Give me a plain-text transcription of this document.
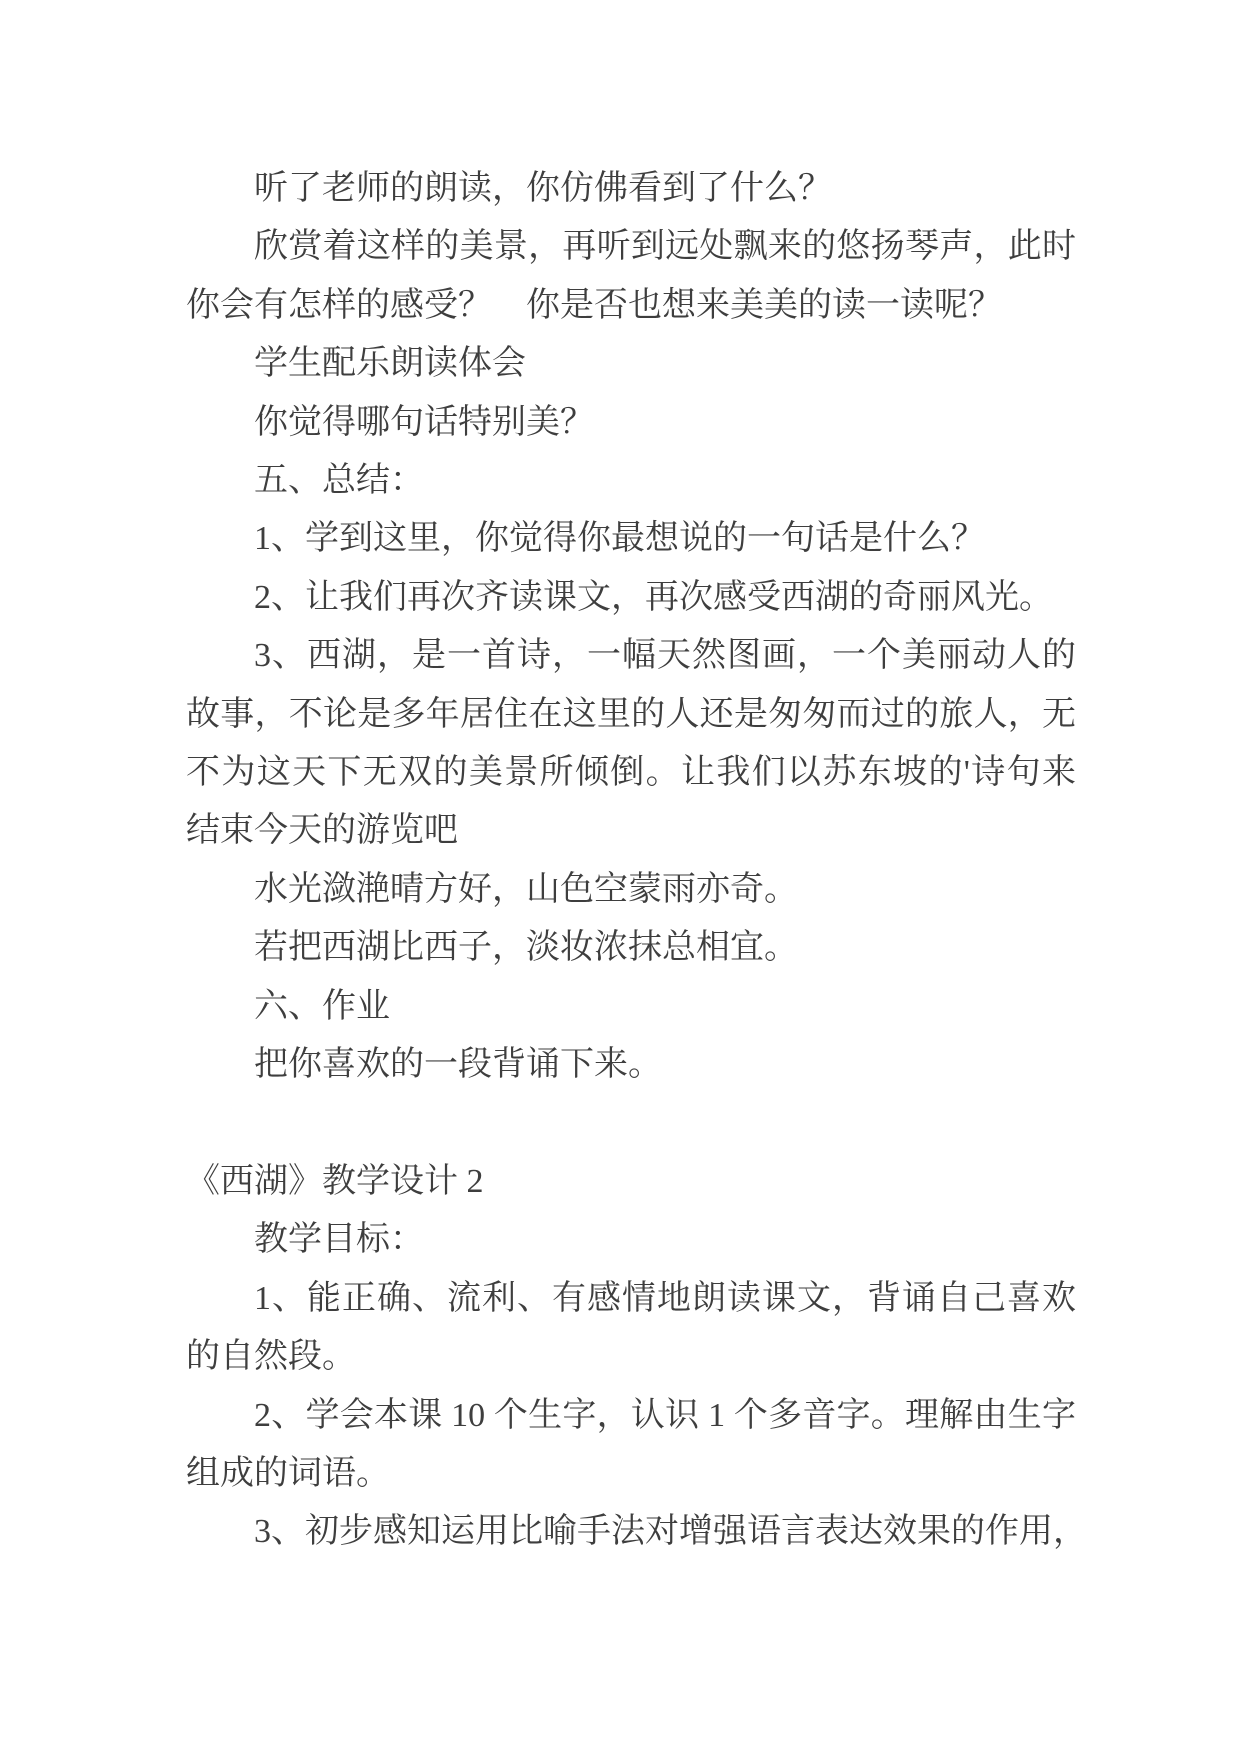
听了老师的朗读，你仿佛看到了什么？
欣赏着这样的美景，再听到远处飘来的悠扬琴声，此时
你会有怎样的感受？　你是否也想来美美的读一读呢？
学生配乐朗读体会
你觉得哪句话特别美？
五、总结：
1、学到这里，你觉得你最想说的一句话是什么？
2、让我们再次齐读课文，再次感受西湖的奇丽风光。
3、西湖，是一首诗，一幅天然图画，一个美丽动人的
故事，不论是多年居住在这里的人还是匆匆而过的旅人，无
不为这天下无双的美景所倾倒。让我们以苏东坡的'诗句来
结束今天的游览吧
水光潋滟晴方好，山色空蒙雨亦奇。
若把西湖比西子，淡妆浓抹总相宜。
六、作业
把你喜欢的一段背诵下来。

《西湖》教学设计 2
教学目标：
1、能正确、流利、有感情地朗读课文，背诵自己喜欢
的自然段。
2、学会本课 10 个生字，认识 1 个多音字。理解由生字
组成的词语。
3、初步感知运用比喻手法对增强语言表达效果的作用，
